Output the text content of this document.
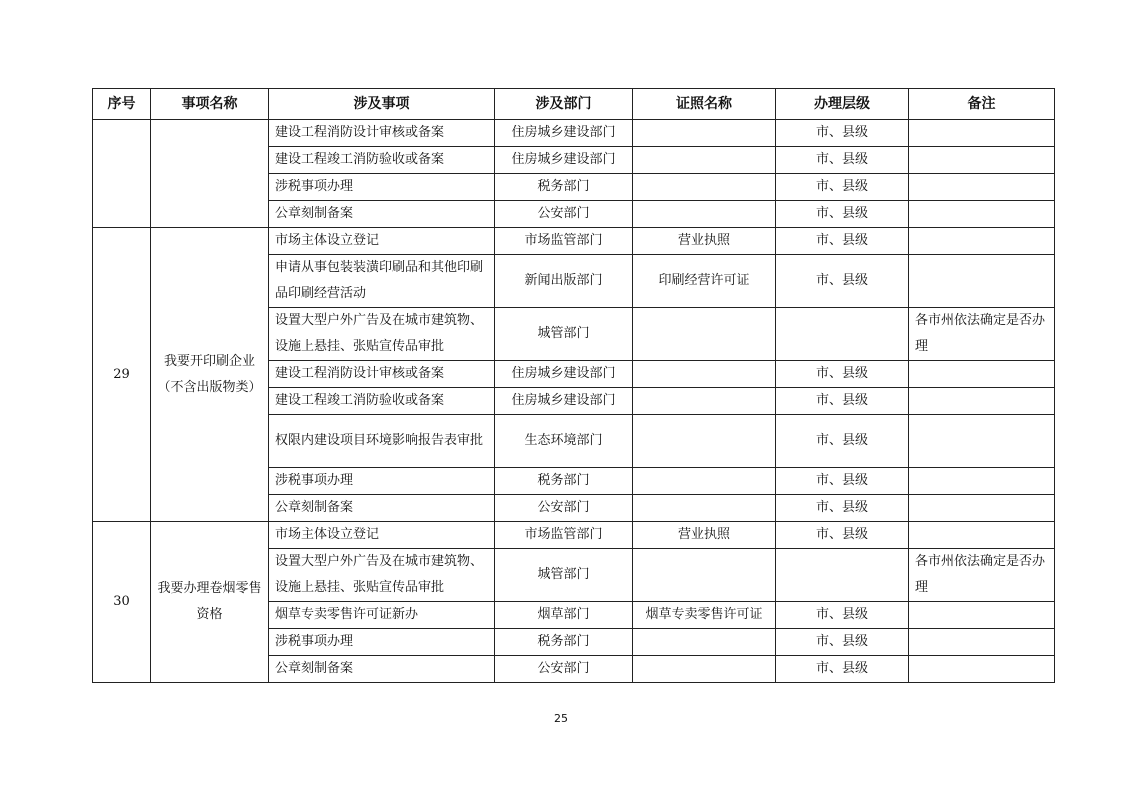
序号	事项名称	涉及事项	涉及部门	证照名称	办理层级	备注
		建设工程消防设计审核或备案	住房城乡建设部门		市、县级	
		建设工程竣工消防验收或备案	住房城乡建设部门		市、县级	
		涉税事项办理	税务部门		市、县级	
		公章刻制备案	公安部门		市、县级	
29	我要开印刷企业（不含出版物类）	市场主体设立登记	市场监管部门	营业执照	市、县级	
		申请从事包装装潢印刷品和其他印刷品印刷经营活动	新闻出版部门	印刷经营许可证	市、县级	
		设置大型户外广告及在城市建筑物、设施上悬挂、张贴宣传品审批	城管部门			各市州依法确定是否办理
		建设工程消防设计审核或备案	住房城乡建设部门		市、县级	
		建设工程竣工消防验收或备案	住房城乡建设部门		市、县级	
		权限内建设项目环境影响报告表审批	生态环境部门		市、县级	
		涉税事项办理	税务部门		市、县级	
		公章刻制备案	公安部门		市、县级	
30	我要办理卷烟零售资格	市场主体设立登记	市场监管部门	营业执照	市、县级	
		设置大型户外广告及在城市建筑物、设施上悬挂、张贴宣传品审批	城管部门			各市州依法确定是否办理
		烟草专卖零售许可证新办	烟草部门	烟草专卖零售许可证	市、县级	
		涉税事项办理	税务部门		市、县级	
		公章刻制备案	公安部门		市、县级	
25
